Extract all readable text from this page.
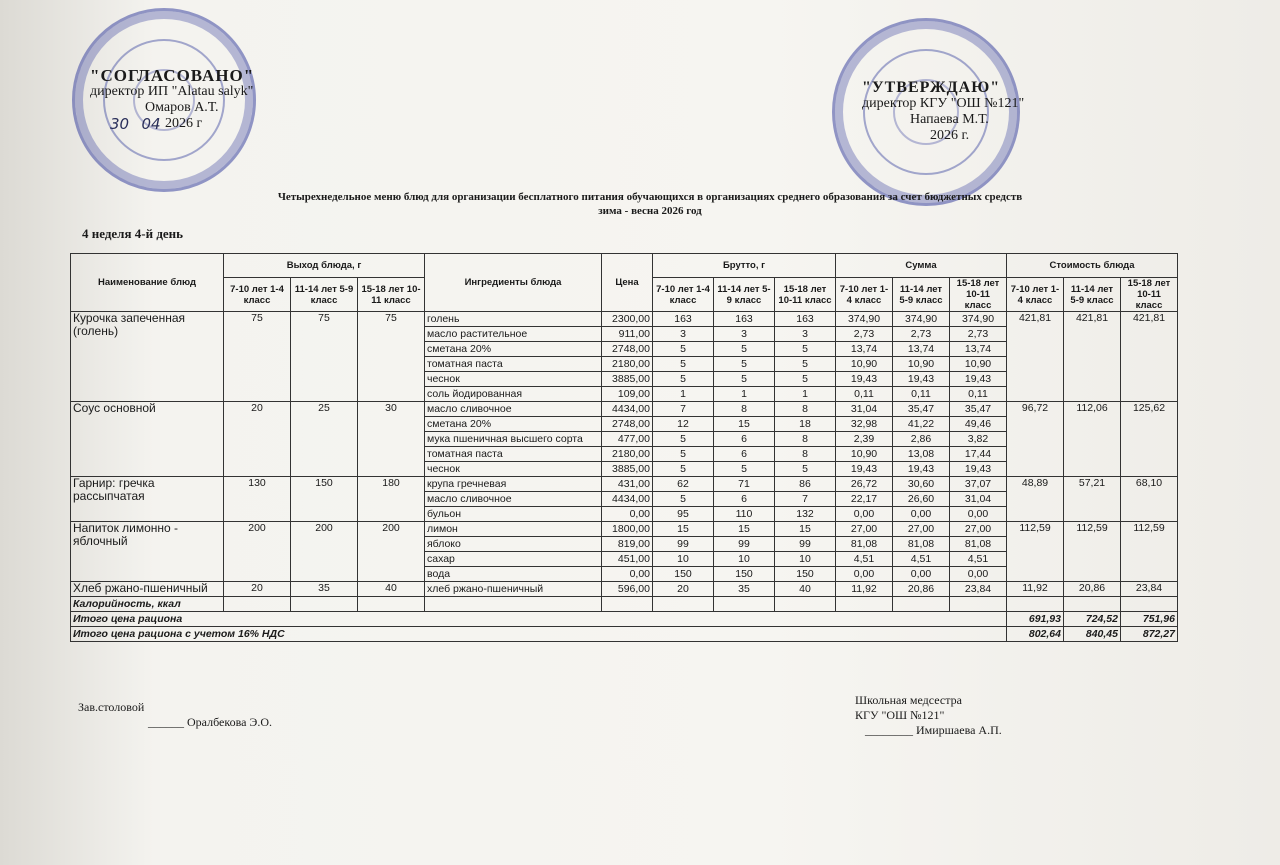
"СОГЛАСОВАНО"
директор ИП "Alatau salyk"
Омаров А.Т.
30
04 2026 г
"УТВЕРЖДАЮ"
директор КГУ "ОШ №121"
Напаева М.Т.
2026 г.
Четырехнедельное меню блюд для организации бесплатного питания обучающихся в организациях среднего образования за счет бюджетных средств
зима - весна 2026 год
4 неделя 4-й день
Наименование блюд	Выход блюда, г			Ингредиенты блюда	Цена	Брутто, г			Сумма			Стоимость блюда		
	7-10 лет 1-4 класс	11-14 лет 5-9 класс	15-18 лет 10-11 класс			7-10 лет 1-4 класс	11-14 лет 5-9 класс	15-18 лет 10-11 класс	7-10 лет 1-4 класс	11-14 лет 5-9 класс	15-18 лет 10-11 класс	7-10 лет 1-4 класс	11-14 лет 5-9 класс	15-18 лет 10-11 класс
Курочка запеченная (голень)	75	75	75	голень	2300,00	163	163	163	374,90	374,90	374,90	421,81	421,81	421,81
				масло растительное	911,00	3	3	3	2,73	2,73	2,73			
				сметана 20%	2748,00	5	5	5	13,74	13,74	13,74			
				томатная паста	2180,00	5	5	5	10,90	10,90	10,90			
				чеснок	3885,00	5	5	5	19,43	19,43	19,43			
				соль йодированная	109,00	1	1	1	0,11	0,11	0,11			
Соус основной	20	25	30	масло сливочное	4434,00	7	8	8	31,04	35,47	35,47	96,72	112,06	125,62
				сметана 20%	2748,00	12	15	18	32,98	41,22	49,46			
				мука пшеничная высшего сорта	477,00	5	6	8	2,39	2,86	3,82			
				томатная паста	2180,00	5	6	8	10,90	13,08	17,44			
				чеснок	3885,00	5	5	5	19,43	19,43	19,43			
Гарнир: гречка рассыпчатая	130	150	180	крупа гречневая	431,00	62	71	86	26,72	30,60	37,07	48,89	57,21	68,10
				масло сливочное	4434,00	5	6	7	22,17	26,60	31,04			
				бульон	0,00	95	110	132	0,00	0,00	0,00			
Напиток лимонно - яблочный	200	200	200	лимон	1800,00	15	15	15	27,00	27,00	27,00	112,59	112,59	112,59
				яблоко	819,00	99	99	99	81,08	81,08	81,08			
				сахар	451,00	10	10	10	4,51	4,51	4,51			
				вода	0,00	150	150	150	0,00	0,00	0,00			
Хлеб ржано-пшеничный	20	35	40	хлеб ржано-пшеничный	596,00	20	35	40	11,92	20,86	23,84	11,92	20,86	23,84
Калорийность, ккал														
Итого цена рациона												691,93	724,52	751,96
Итого цена рациона с учетом 16% НДС												802,64	840,45	872,27
Зав.столовой
______ Оралбекова Э.О.
Школьная медсестра
КГУ "ОШ №121"
________ Имиршаева А.П.
